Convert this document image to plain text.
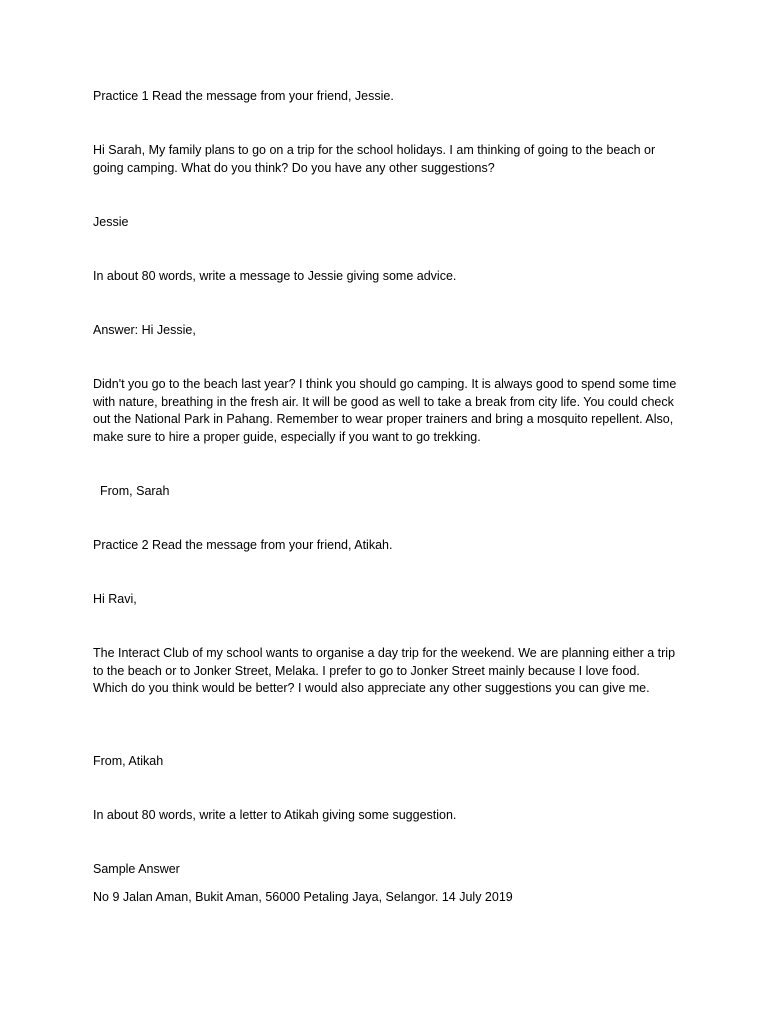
Practice 1 Read the message from your friend, Jessie.

Hi Sarah, My family plans to go on a trip for the school holidays. I am thinking of going to the beach or going camping. What do you think? Do you have any other suggestions?

Jessie

In about 80 words, write a message to Jessie giving some advice.

Answer: Hi Jessie,

Didn't you go to the beach last year? I think you should go camping. It is always good to spend some time with nature, breathing in the fresh air. It will be good as well to take a break from city life. You could check out the National Park in Pahang. Remember to wear proper trainers and bring a mosquito repellent. Also, make sure to hire a proper guide, especially if you want to go trekking.

From, Sarah

Practice 2 Read the message from your friend, Atikah.

Hi Ravi,

The Interact Club of my school wants to organise a day trip for the weekend. We are planning either a trip to the beach or to Jonker Street, Melaka. I prefer to go to Jonker Street mainly because I love food. Which do you think would be better? I would also appreciate any other suggestions you can give me.

From, Atikah

In about 80 words, write a letter to Atikah giving some suggestion.

Sample Answer

No 9 Jalan Aman, Bukit Aman, 56000 Petaling Jaya, Selangor. 14 July 2019
